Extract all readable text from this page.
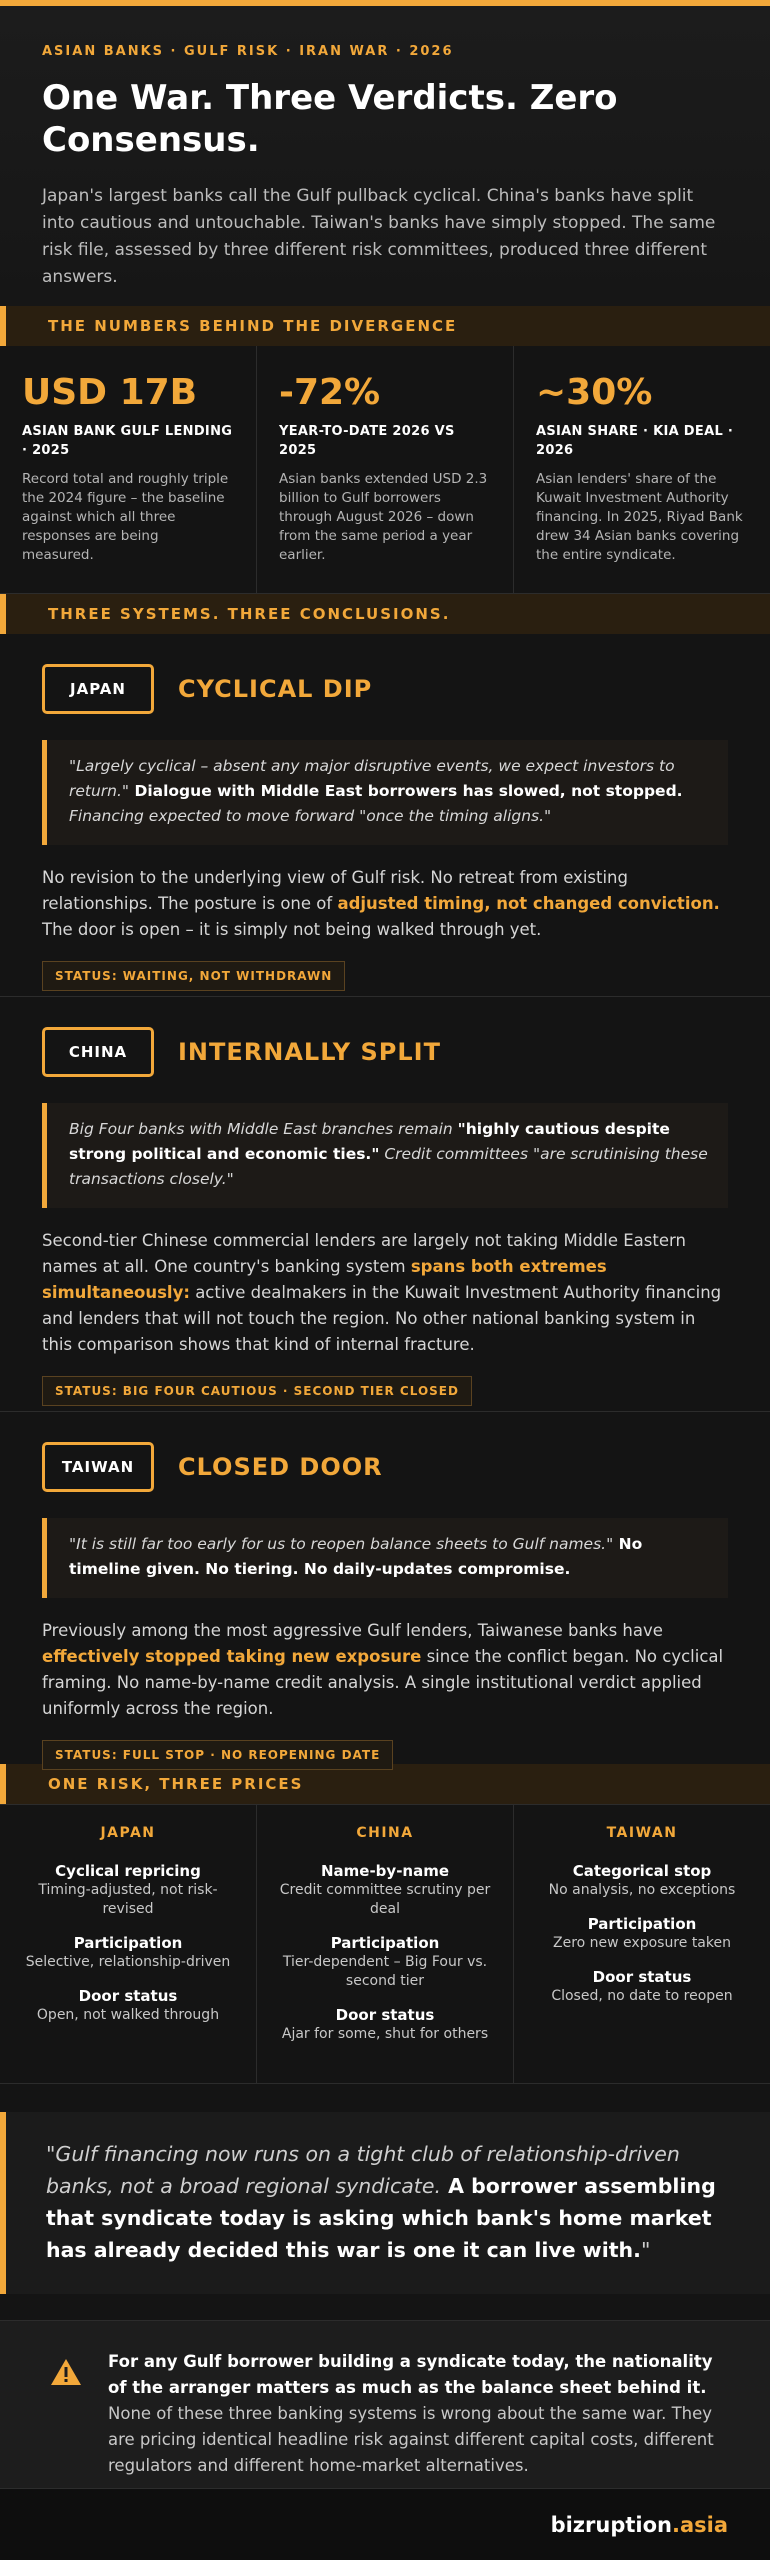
ASIAN BANKS · GULF RISK · IRAN WAR · 2026
One War. Three Verdicts. Zero Consensus.

Japan's largest banks call the Gulf pullback cyclical. China's banks have split into cautious and untouchable. Taiwan's banks have simply stopped. The same risk file, assessed by three different risk committees, produced three different answers.

THE NUMBERS BEHIND THE DIVERGENCE
USD 17B
ASIAN BANK GULF LENDING · 2025
Record total and roughly triple the 2024 figure – the baseline against which all three responses are being measured.
-72%
YEAR-TO-DATE 2026 VS 2025
Asian banks extended USD 2.3 billion to Gulf borrowers through August 2026 – down from the same period a year earlier.
~30%
ASIAN SHARE · KIA DEAL · 2026
Asian lenders' share of the Kuwait Investment Authority financing. In 2025, Riyad Bank drew 34 Asian banks covering the entire syndicate.
THREE SYSTEMS. THREE CONCLUSIONS.
JAPAN	CYCLICAL DIP
"Largely cyclical – absent any major disruptive events, we expect investors to return." Dialogue with Middle East borrowers has slowed, not stopped. Financing expected to move forward "once the timing aligns."
No revision to the underlying view of Gulf risk. No retreat from existing relationships. The posture is one of adjusted timing, not changed conviction. The door is open – it is simply not being walked through yet.
STATUS: WAITING, NOT WITHDRAWN
CHINA	INTERNALLY SPLIT
Big Four banks with Middle East branches remain "highly cautious despite strong political and economic ties." Credit committees "are scrutinising these transactions closely."
Second-tier Chinese commercial lenders are largely not taking Middle Eastern names at all. One country's banking system spans both extremes simultaneously: active dealmakers in the Kuwait Investment Authority financing and lenders that will not touch the region. No other national banking system in this comparison shows that kind of internal fracture.
STATUS: BIG FOUR CAUTIOUS · SECOND TIER CLOSED
TAIWAN	CLOSED DOOR
"It is still far too early for us to reopen balance sheets to Gulf names." No timeline given. No tiering. No daily-updates compromise.
Previously among the most aggressive Gulf lenders, Taiwanese banks have effectively stopped taking new exposure since the conflict began. No cyclical framing. No name-by-name credit analysis. A single institutional verdict applied uniformly across the region.
STATUS: FULL STOP · NO REOPENING DATE
ONE RISK, THREE PRICES
JAPAN
Cyclical repricing
Timing-adjusted, not risk-revised
Participation
Selective, relationship-driven
Door status
Open, not walked through
CHINA
Name-by-name
Credit committee scrutiny per deal
Participation
Tier-dependent – Big Four vs. second tier
Door status
Ajar for some, shut for others
TAIWAN
Categorical stop
No analysis, no exceptions
Participation
Zero new exposure taken
Door status
Closed, no date to reopen
"Gulf financing now runs on a tight club of relationship-driven banks, not a broad regional syndicate. A borrower assembling that syndicate today is asking which bank's home market has already decided this war is one it can live with."
For any Gulf borrower building a syndicate today, the nationality of the arranger matters as much as the balance sheet behind it. None of these three banking systems is wrong about the same war. They are pricing identical headline risk against different capital costs, different regulators and different home-market alternatives.
bizruption.asia
